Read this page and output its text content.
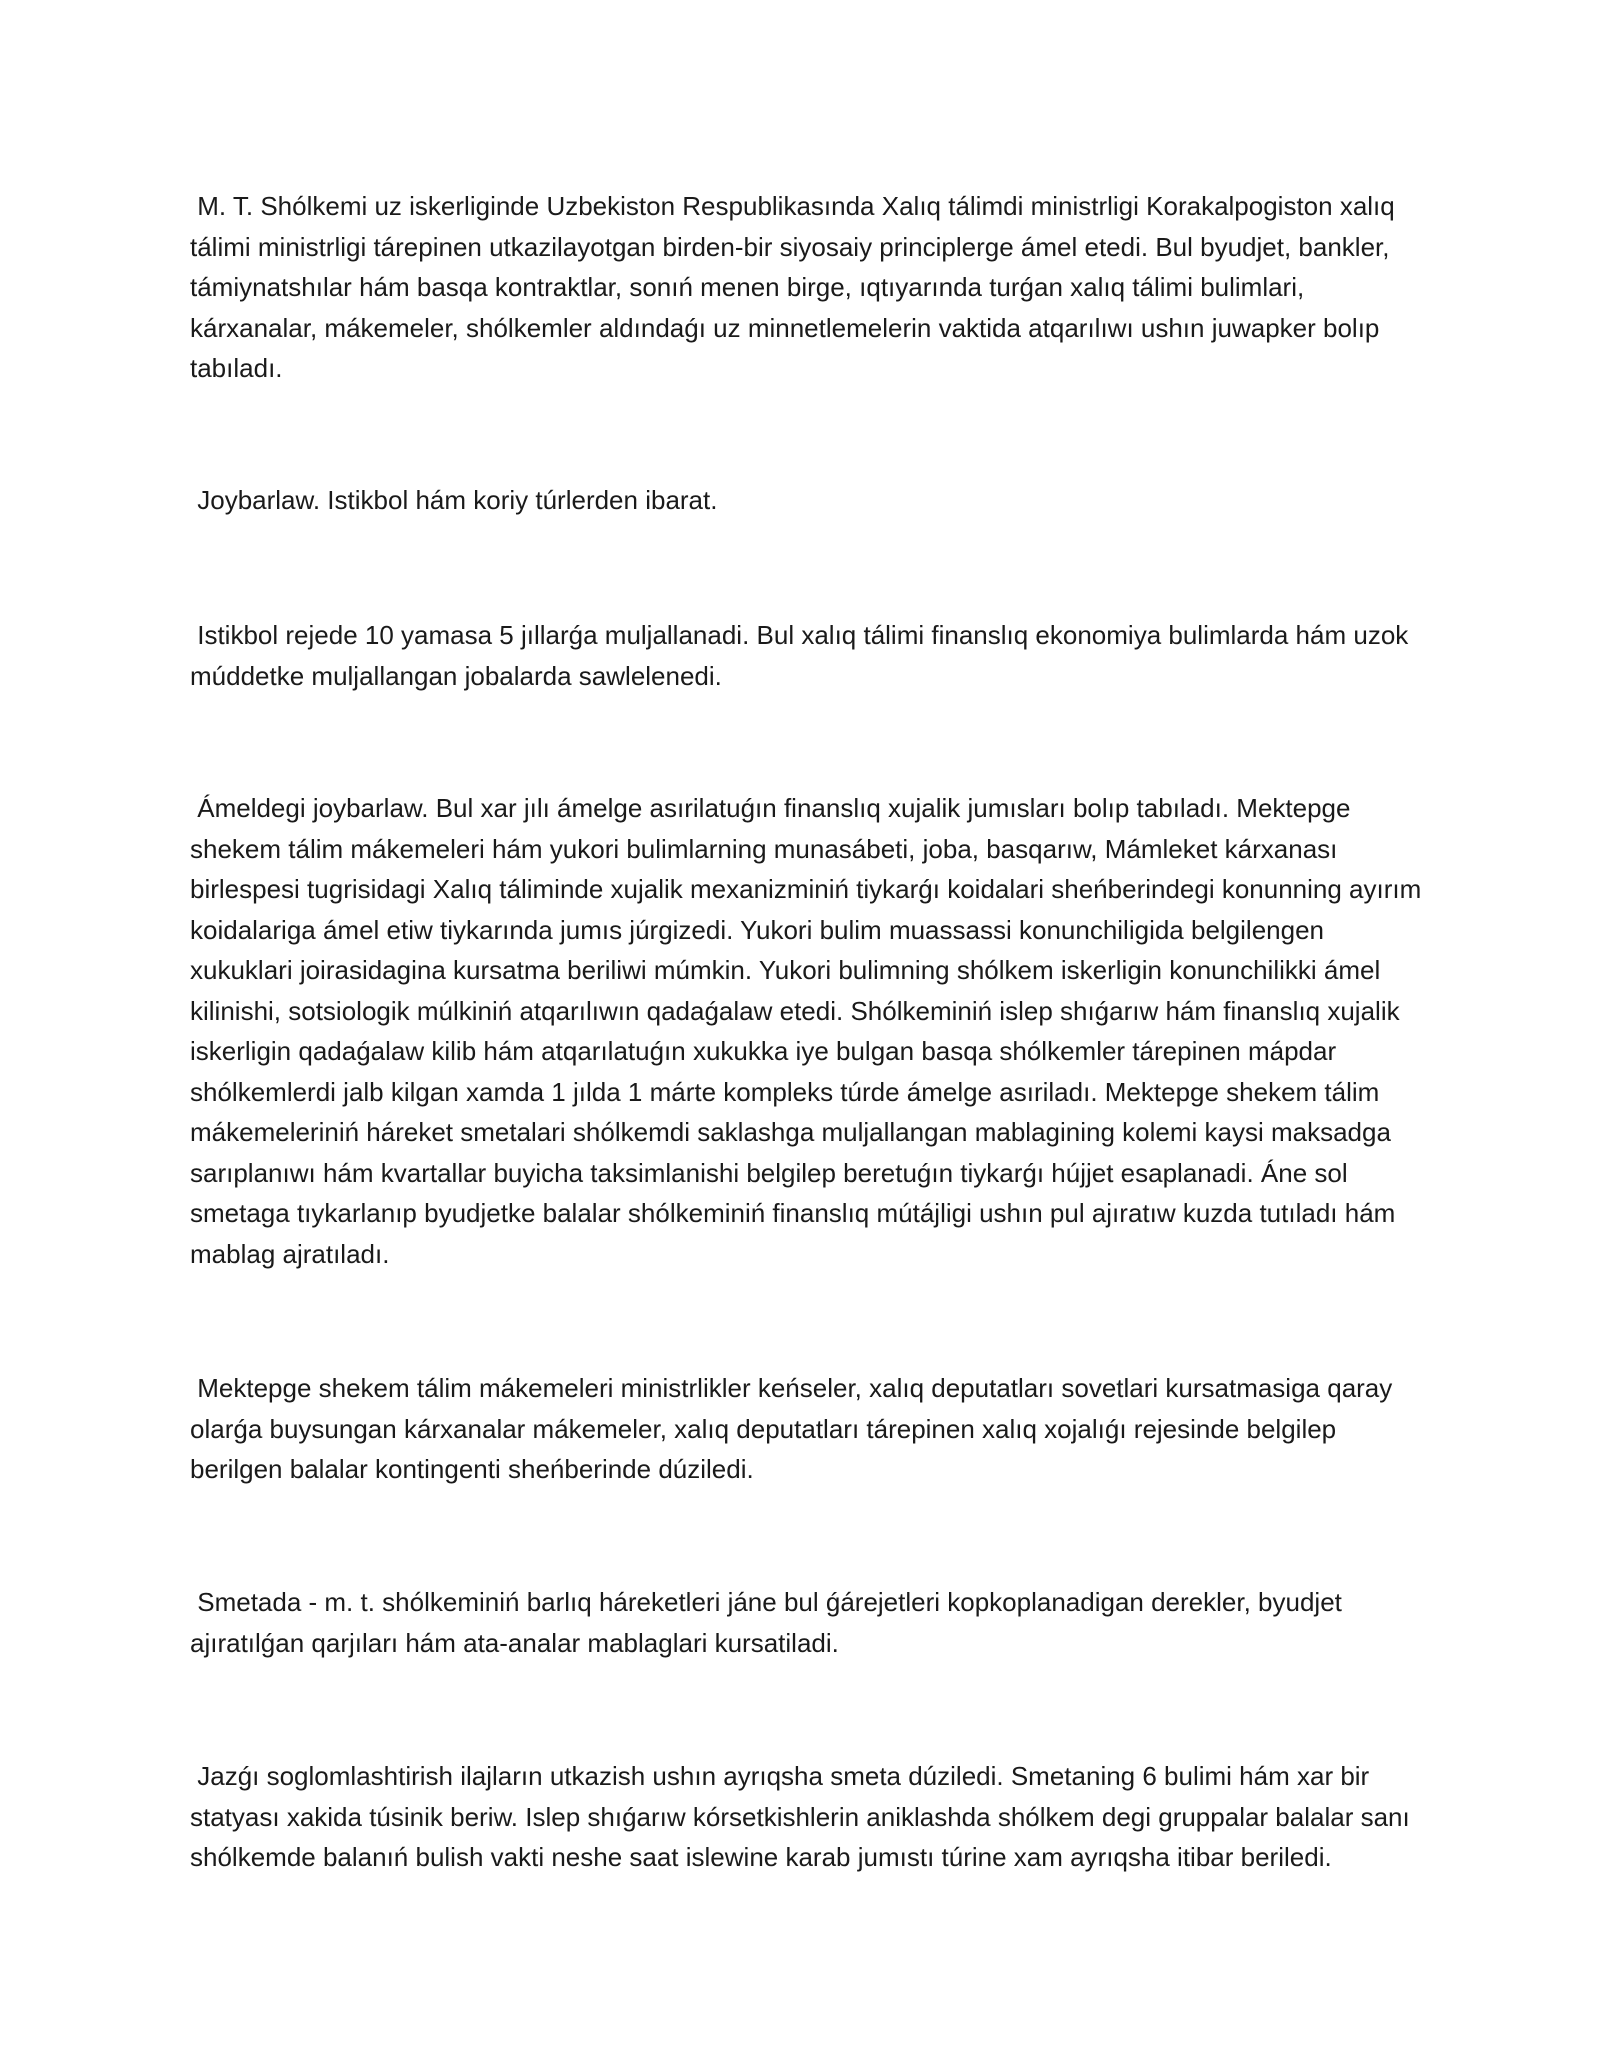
M. T. Shólkemi uz iskerliginde Uzbekiston Respublikasında Xalıq tálimdi ministrligi Korakalpogiston xalıq tálimi ministrligi tárepinen utkazilayotgan birden-bir siyosaiy principlerge ámel etedi. Bul byudjet, bankler, támiynatshılar hám basqa kontraktlar, sonıń menen birge, ıqtıyarında turǵan xalıq tálimi bulimlari, kárxanalar, mákemeler, shólkemler aldındaǵı uz minnetlemelerin vaktida atqarılıwı ushın juwapker bolıp tabıladı.

Joybarlaw. Istikbol hám koriy túrlerden ibarat.

Istikbol rejede 10 yamasa 5 jıllarǵa muljallanadi. Bul xalıq tálimi finanslıq ekonomiya bulimlarda hám uzok múddetke muljallangan jobalarda sawlelenedi.

Ámeldegi joybarlaw. Bul xar jılı ámelge asırilatuǵın finanslıq xujalik jumısları bolıp tabıladı. Mektepge shekem tálim mákemeleri hám yukori bulimlarning munasábeti, joba, basqarıw, Mámleket kárxanası birlespesi tugrisidagi Xalıq táliminde xujalik mexanizminiń tiykarǵı koidalari sheńberindegi konunning ayırım koidalariga ámel etiw tiykarında jumıs júrgizedi. Yukori bulim muassassi konunchiligida belgilengen xukuklari joirasidagina kursatma beriliwi múmkin. Yukori bulimning shólkem iskerligin konunchilikki ámel kilinishi, sotsiologik múlkiniń atqarılıwın qadaǵalaw etedi. Shólkeminiń islep shıǵarıw hám finanslıq xujalik iskerligin qadaǵalaw kilib hám atqarılatuǵın xukukka iye bulgan basqa shólkemler tárepinen mápdar shólkemlerdi jalb kilgan xamda 1 jılda 1 márte kompleks túrde ámelge asıriladı. Mektepge shekem tálim mákemeleriniń háreket smetalari shólkemdi saklashga muljallangan mablagining kolemi kaysi maksadga sarıplanıwı hám kvartallar buyicha taksimlanishi belgilep beretuǵın tiykarǵı hújjet esaplanadi. Áne sol smetaga tıykarlanıp byudjetke balalar shólkeminiń finanslıq mútájligi ushın pul ajıratıw kuzda tutıladı hám mablag ajratıladı.

Mektepge shekem tálim mákemeleri ministrlikler keńseler, xalıq deputatları sovetlari kursatmasiga qaray olarǵa buysungan kárxanalar mákemeler, xalıq deputatları tárepinen xalıq xojalıǵı rejesinde belgilep berilgen balalar kontingenti sheńberinde dúziledi.

Smetada - m. t. shólkeminiń barlıq háreketleri jáne bul ǵárejetleri kopkoplanadigan derekler, byudjet ajıratılǵan qarjıları hám ata-analar mablaglari kursatiladi.

Jazǵı soglomlashtirish ilajların utkazish ushın ayrıqsha smeta dúziledi. Smetaning 6 bulimi hám xar bir statyası xakida túsinik beriw. Islep shıǵarıw kórsetkishlerin aniklashda shólkem degi gruppalar balalar sanı shólkemde balanıń bulish vakti neshe saat islewine karab jumıstı túrine xam ayrıqsha itibar beriledi.
